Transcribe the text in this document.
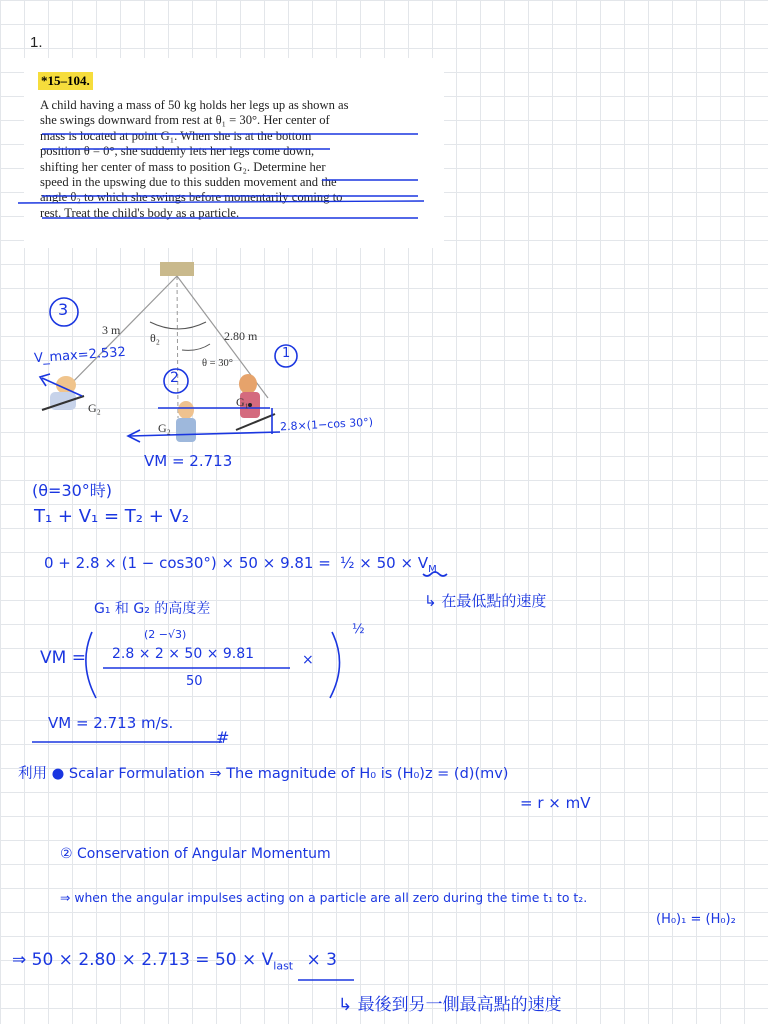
1.
*15–104.
A child having a mass of 50 kg holds her legs up as shown as
she swings downward from rest at θ₁ = 30°. Her center of
mass is located at point G₁. When she is at the bottom
position θ = 0°, she suddenly lets her legs come down,
shifting her center of mass to position G₂. Determine her
speed in the upswing due to this sudden movement and the
angle θ₂ to which she swings before momentarily coming to
rest. Treat the child's body as a particle.
3 m
θ₂	2.80 m
θ = 30°
G₁
G₂
G₂
3
2
1
V_max=2.532
2.8×(1−cos 30°)
VM = 2.713
(θ=30°時)
T₁ + V₁ = T₂ + V₂
0 + 2.8 × (1 − cos30°) × 50 × 9.81 = ½ × $50 \times V_M$
↳ 在最低點的速度
G₁ 和 G₂ 的高度差
VM =
(2 −√3)
2.8 × 2 × 50 × 9.81
50
×
½
VM = 2.713 m/s.
#
利用 ● Scalar Formulation ⇒ The magnitude of H₀ is (H₀)z = (d)(mv)
= r × mV
② Conservation of Angular Momentum
⇒ when the angular impulses acting on a particle are all zero during the time t₁ to t₂.
(H₀)₁ = (H₀)₂
⇒ $50 \times 2.80 \times 2.713 = 50 \times V_{last} \times 3$
↳ 最後到另一側最高點的速度
